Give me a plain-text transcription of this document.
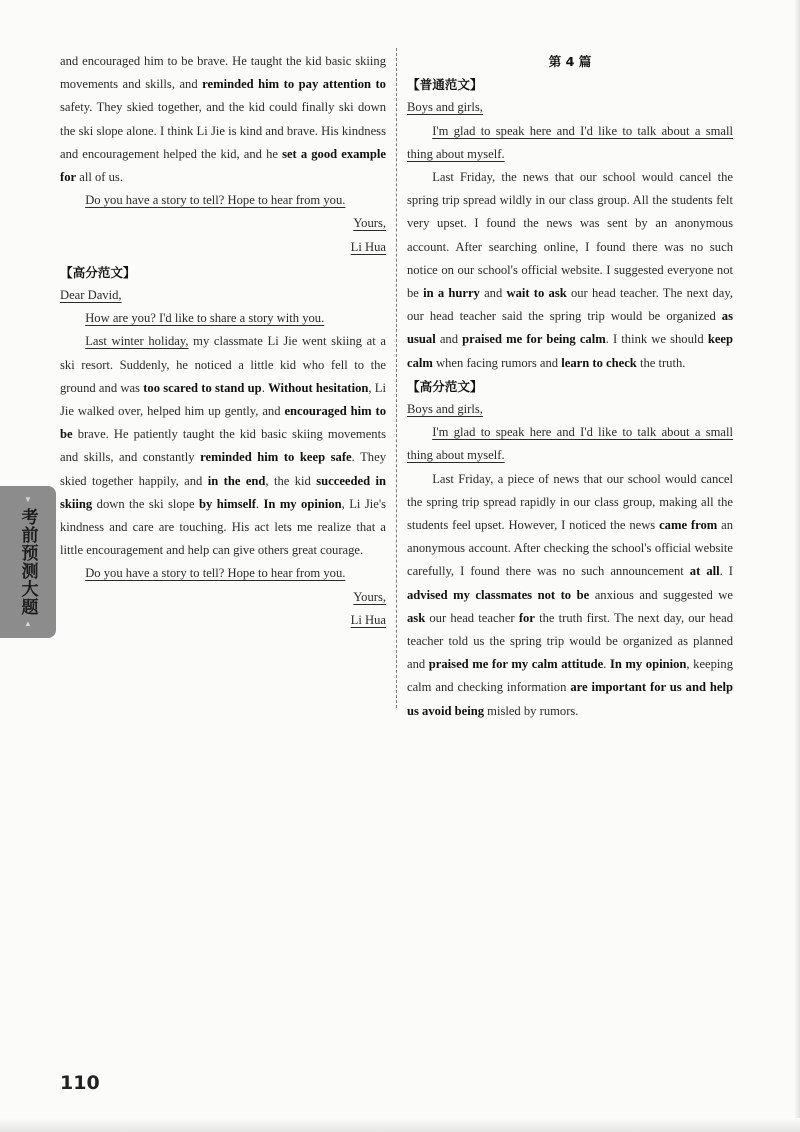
and encouraged him to be brave. He taught the kid basic skiing movements and skills, and reminded him to pay attention to safety. They skied together, and the kid could finally ski down the ski slope alone. I think Li Jie is kind and brave. His kindness and encouragement helped the kid, and he set a good example for all of us.

Do you have a story to tell? Hope to hear from you.

Yours,

Li Hua

【高分范文】

Dear David,

How are you? I'd like to share a story with you.

Last winter holiday, my classmate Li Jie went skiing at a ski resort. Suddenly, he noticed a little kid who fell to the ground and was too scared to stand up. Without hesitation, Li Jie walked over, helped him up gently, and encouraged him to be brave. He patiently taught the kid basic skiing movements and skills, and constantly reminded him to keep safe. They skied together happily, and in the end, the kid succeeded in skiing down the ski slope by himself. In my opinion, Li Jie's kindness and care are touching. His act lets me realize that a little encouragement and help can give others great courage.

Do you have a story to tell? Hope to hear from you.

Yours,

Li Hua

第 4 篇

【普通范文】

Boys and girls,

I'm glad to speak here and I'd like to talk about a small thing about myself.

Last Friday, the news that our school would cancel the spring trip spread wildly in our class group. All the students felt very upset. I found the news was sent by an anonymous account. After searching online, I found there was no such notice on our school's official website. I suggested everyone not be in a hurry and wait to ask our head teacher. The next day, our head teacher said the spring trip would be organized as usual and praised me for being calm. I think we should keep calm when facing rumors and learn to check the truth.

【高分范文】

Boys and girls,

I'm glad to speak here and I'd like to talk about a small thing about myself.

Last Friday, a piece of news that our school would cancel the spring trip spread rapidly in our class group, making all the students feel upset. However, I noticed the news came from an anonymous account. After checking the school's official website carefully, I found there was no such announcement at all. I advised my classmates not to be anxious and suggested we ask our head teacher for the truth first. The next day, our head teacher told us the spring trip would be organized as planned and praised me for my calm attitude. In my opinion, keeping calm and checking information are important for us and help us avoid being misled by rumors.

▼
考前预测大题
▲
110
